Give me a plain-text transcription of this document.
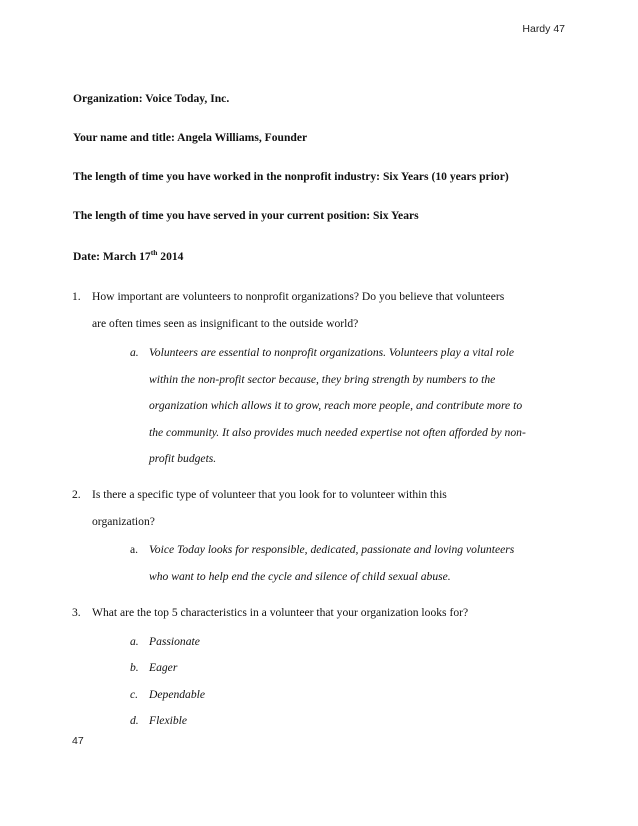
Hardy 47
Organization: Voice Today, Inc.
Your name and title: Angela Williams, Founder
The length of time you have worked in the nonprofit industry: Six Years (10 years prior)
The length of time you have served in your current position: Six Years
Date: March 17th 2014
1. How important are volunteers to nonprofit organizations? Do you believe that volunteers
are often times seen as insignificant to the outside world?
a. Volunteers are essential to nonprofit organizations. Volunteers play a vital role
within the non-profit sector because, they bring strength by numbers to the
organization which allows it to grow, reach more people, and contribute more to
the community. It also provides much needed expertise not often afforded by non-
profit budgets.
2. Is there a specific type of volunteer that you look for to volunteer within this
organization?
a. Voice Today looks for responsible, dedicated, passionate and loving volunteers
who want to help end the cycle and silence of child sexual abuse.
3. What are the top 5 characteristics in a volunteer that your organization looks for?
a. Passionate
b. Eager
c. Dependable
d. Flexible
47
